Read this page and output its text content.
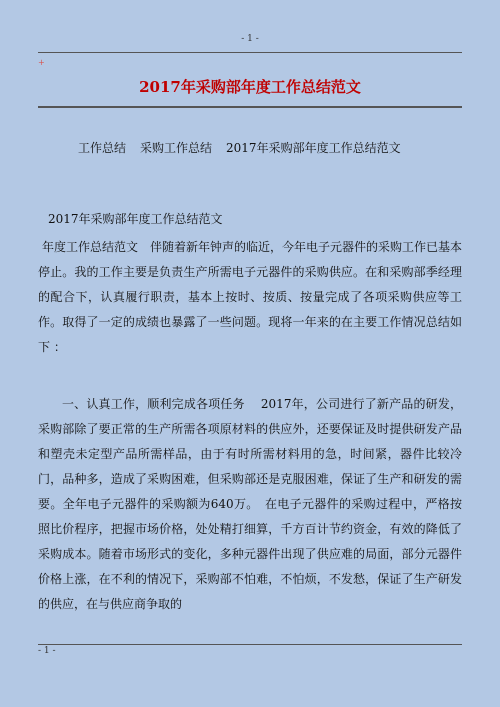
- 1 -
+
2017年采购部年度工作总结范文
工作总结 采购工作总结 2017年采购部年度工作总结范文
2017年采购部年度工作总结范文
年度工作总结范文　伴随着新年钟声的临近，今年电子元器件的采购工作已基本停止。我的工作主要是负责生产所需电子元器件的采购供应。在和采购部季经理的配合下，认真履行职责，基本上按时、按质、按量完成了各项采购供应等工作。取得了一定的成绩也暴露了一些问题。现将一年来的在主要工作情况总结如下 ：
一、认真工作，顺利完成各项任务　 2017年，公司进行了新产品的研发，采购部除了要正常的生产所需各项原材料的供应外，还要保证及时提供研发产品和塑壳未定型产品所需样品，由于有时所需材料用的急，时间紧，器件比较冷门，品种多，造成了采购困难，但采购部还是克服困难，保证了生产和研发的需要。全年电子元器件的采购额为640万。　在电子元器件的采购过程中，严格按照比价程序，把握市场价格，处处精打细算，千方百计节约资金，有效的降低了采购成本。随着市场形式的变化，多种元器件出现了供应难的局面，部分元器件价格上涨，在不利的情况下，采购部不怕难，不怕烦，不发愁，保证了生产研发的供应，在与供应商争取的
- 1 -
